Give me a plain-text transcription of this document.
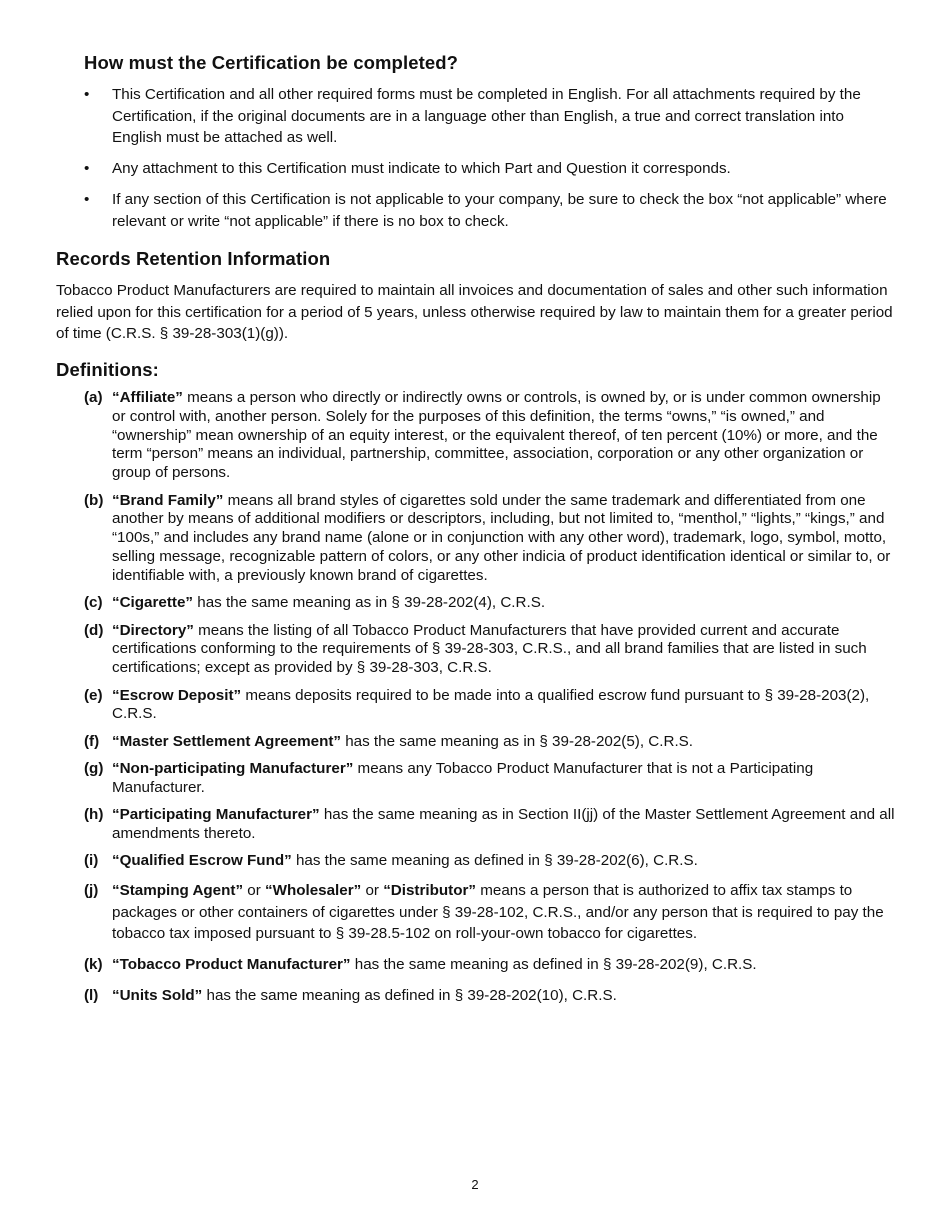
How must the Certification be completed?
• This Certification and all other required forms must be completed in English. For all attachments required by the Certification, if the original documents are in a language other than English, a true and correct translation into English must be attached as well.
• Any attachment to this Certification must indicate to which Part and Question it corresponds.
• If any section of this Certification is not applicable to your company, be sure to check the box “not applicable” where relevant or write “not applicable” if there is no box to check.
Records Retention Information

Tobacco Product Manufacturers are required to maintain all invoices and documentation of sales and other such information relied upon for this certification for a period of 5 years, unless otherwise required by law to maintain them for a greater period of time (C.R.S. § 39-28-303(1)(g)).

Definitions:
(a) “Affiliate” means a person who directly or indirectly owns or controls, is owned by, or is under common ownership or control with, another person. Solely for the purposes of this definition, the terms “owns,” “is owned,” and “ownership” mean ownership of an equity interest, or the equivalent thereof, of ten percent (10%) or more, and the term “person” means an individual, partnership, committee, association, corporation or any other organization or group of persons.
(b) “Brand Family” means all brand styles of cigarettes sold under the same trademark and differentiated from one another by means of additional modifiers or descriptors, including, but not limited to, “menthol,” “lights,” “kings,” and “100s,” and includes any brand name (alone or in conjunction with any other word), trademark, logo, symbol, motto, selling message, recognizable pattern of colors, or any other indicia of product identification identical or similar to, or identifiable with, a previously known brand of cigarettes.
(c) “Cigarette” has the same meaning as in § 39-28-202(4), C.R.S.
(d) “Directory” means the listing of all Tobacco Product Manufacturers that have provided current and accurate certifications conforming to the requirements of § 39-28-303, C.R.S., and all brand families that are listed in such certifications; except as provided by § 39-28-303, C.R.S.
(e) “Escrow Deposit” means deposits required to be made into a qualified escrow fund pursuant to § 39-28-203(2), C.R.S.
(f) “Master Settlement Agreement” has the same meaning as in § 39-28-202(5), C.R.S.
(g) “Non-participating Manufacturer” means any Tobacco Product Manufacturer that is not a Participating Manufacturer.
(h) “Participating Manufacturer” has the same meaning as in Section II(jj) of the Master Settlement Agreement and all amendments thereto.
(i) “Qualified Escrow Fund” has the same meaning as defined in § 39-28-202(6), C.R.S.
(j) “Stamping Agent” or “Wholesaler” or “Distributor” means a person that is authorized to affix tax stamps to packages or other containers of cigarettes under § 39-28-102, C.R.S., and/or any person that is required to pay the tobacco tax imposed pursuant to § 39-28.5-102 on roll-your-own tobacco for cigarettes.
(k) “Tobacco Product Manufacturer” has the same meaning as defined in § 39-28-202(9), C.R.S.
(l) “Units Sold” has the same meaning as defined in § 39-28-202(10), C.R.S.
2
